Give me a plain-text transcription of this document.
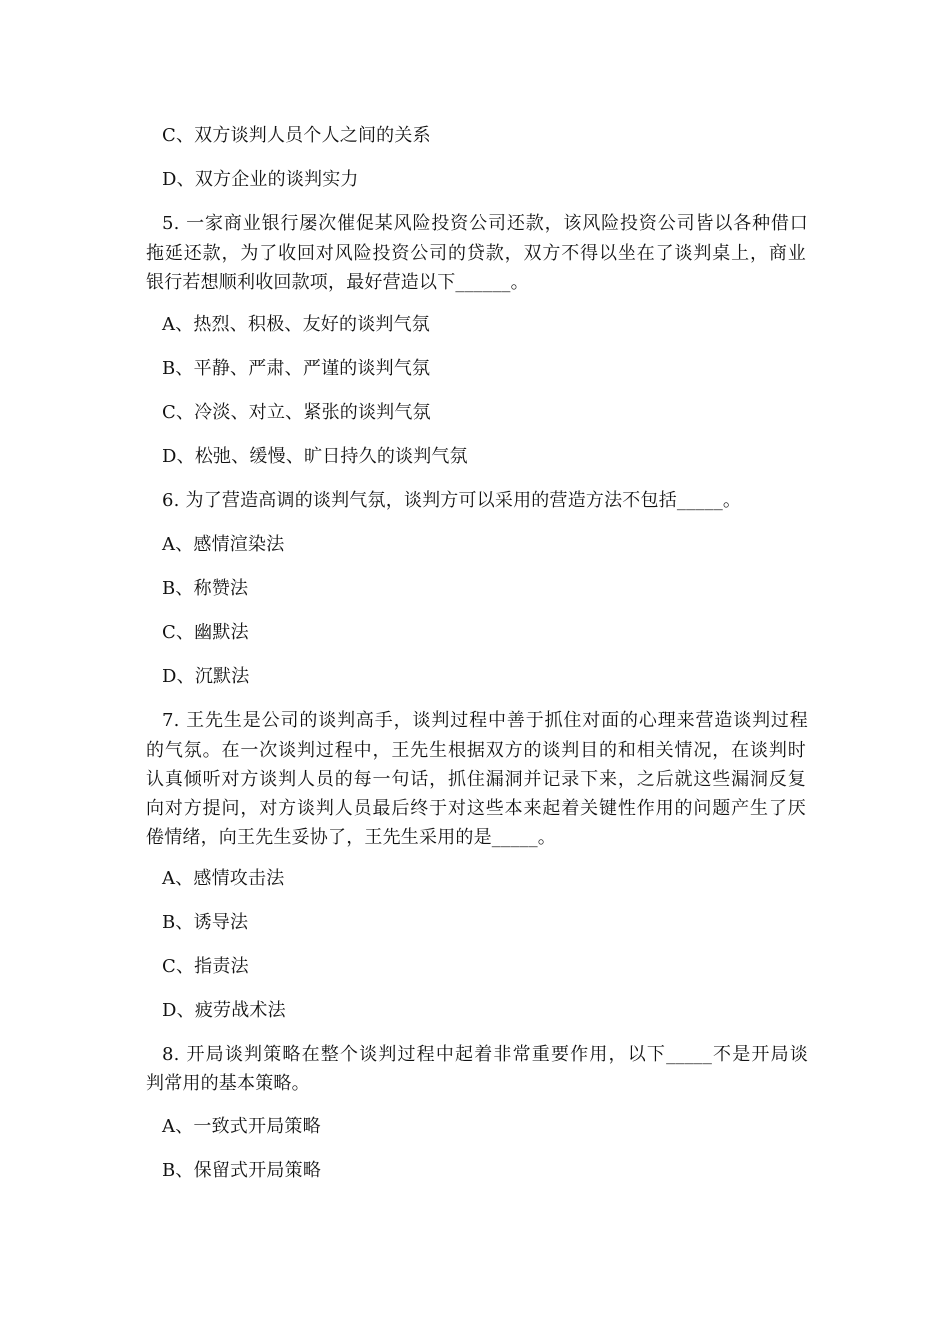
C、双方谈判人员个人之间的关系
D、双方企业的谈判实力
5. 一家商业银行屡次催促某风险投资公司还款，该风险投资公司皆以各种借口
拖延还款，为了收回对风险投资公司的贷款，双方不得以坐在了谈判桌上，商业
银行若想顺利收回款项，最好营造以下______。
A、热烈、积极、友好的谈判气氛
B、平静、严肃、严谨的谈判气氛
C、冷淡、对立、紧张的谈判气氛
D、松弛、缓慢、旷日持久的谈判气氛
6. 为了营造高调的谈判气氛，谈判方可以采用的营造方法不包括_____。
A、感情渲染法
B、称赞法
C、幽默法
D、沉默法
7. 王先生是公司的谈判高手，谈判过程中善于抓住对面的心理来营造谈判过程
的气氛。在一次谈判过程中，王先生根据双方的谈判目的和相关情况，在谈判时
认真倾听对方谈判人员的每一句话，抓住漏洞并记录下来，之后就这些漏洞反复
向对方提问，对方谈判人员最后终于对这些本来起着关键性作用的问题产生了厌
倦情绪，向王先生妥协了，王先生采用的是_____。
A、感情攻击法
B、诱导法
C、指责法
D、疲劳战术法
8. 开局谈判策略在整个谈判过程中起着非常重要作用，以下_____不是开局谈
判常用的基本策略。
A、一致式开局策略
B、保留式开局策略
